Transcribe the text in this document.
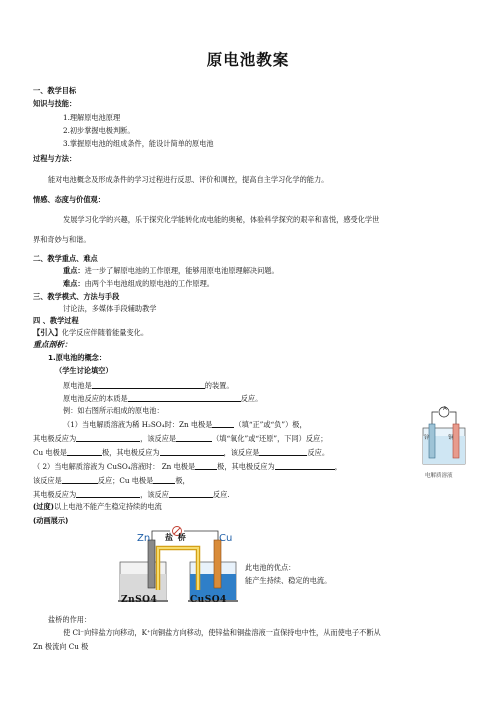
原电池教案
一、教学目标
知识与技能：
1.理解原电池原理
2.初步掌握电极判断。
3.掌握原电池的组成条件，能设计简单的原电池
过程与方法：
能对电池概念及形成条件的学习过程进行反思、评价和调控，提高自主学习化学的能力。
情感、态度与价值观：
发展学习化学的兴趣，乐于探究化学能转化成电能的奥秘，体验科学探究的艰辛和喜悦，感受化学世
界和奇妙与和谐。
二、教学重点、难点
重点：进一步了解原电池的工作原理，能够用原电池原理解决问题。
难点：由两个半电池组成的原电池的工作原理。
三、教学模式、方法与手段
讨论法，多媒体手段辅助教学
四 、教学过程
【引入】化学反应伴随着能量变化。
重点剖析：
1.原电池的概念：
（学生讨论填空）
原电池是	的装置。
原电池反应的本质是	反应。
例：如右图所示组成的原电池：
（1）当电解质溶液为稀 H₂SO₄时：Zn 电极是	（填“正”或“负”）极，
其电极反应为	，该反应是	（填“氧化”或“还原”，下同）反应；
Cu 电极是	极，其电极反应为	，该反应是	反应。
（ 2）当电解质溶液为 CuSO₄溶液时： Zn 电极是	极，其电极反应为	，
该反应是	反应；Cu 电极是	极，
其电极反应为	，该反应	反应.
(过度)以上电池不能产生稳定持续的电流
(动画展示)
此电池的优点：
能产生持续、稳定的电流。
盐桥的作用：
使 Cl⁻向锌盐方向移动，K⁺向铜盐方向移动，使锌盐和铜盐溶液一直保持电中性，从而使电子不断从
Zn 极流向 Cu 极
A
锌	铜
电解质溶液
Zn	Cu
盐 桥
ZnSO4	CuSO4
